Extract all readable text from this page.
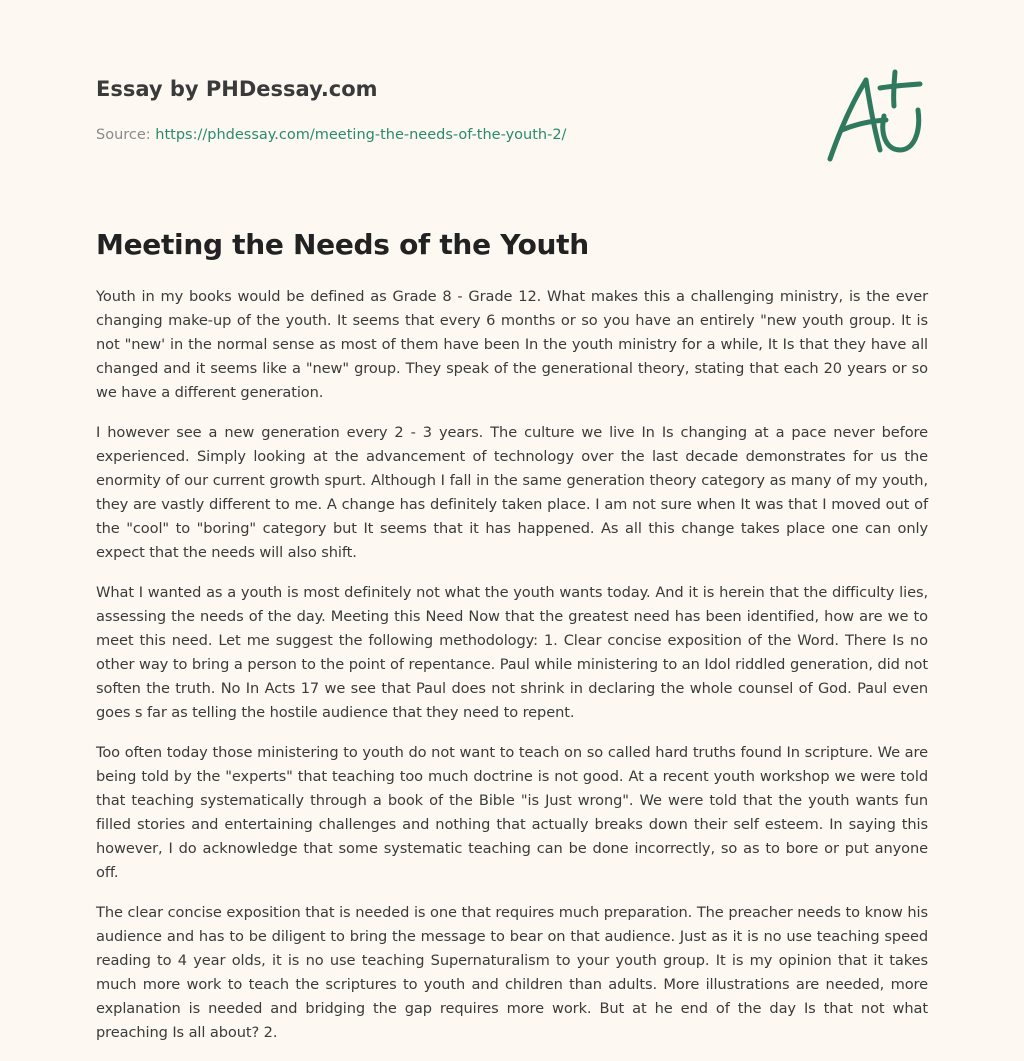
Essay by PHDessay.com
Source: https://phdessay.com/meeting-the-needs-of-the-youth-2/
Meeting the Needs of the Youth

Youth in my books would be defined as Grade 8 - Grade 12. What makes this a challenging ministry, is the ever changing make-up of the youth. It seems that every 6 months or so you have an entirely "new youth group. It is not "new' in the normal sense as most of them have been In the youth ministry for a while, It Is that they have all changed and it seems like a "new" group. They speak of the generational theory, stating that each 20 years or so we have a different generation.

I however see a new generation every 2 - 3 years. The culture we live In Is changing at a pace never before experienced. Simply looking at the advancement of technology over the last decade demonstrates for us the enormity of our current growth spurt. Although I fall in the same generation theory category as many of my youth, they are vastly different to me. A change has definitely taken place. I am not sure when It was that I moved out of the "cool" to "boring" category but It seems that it has happened. As all this change takes place one can only expect that the needs will also shift.

What I wanted as a youth is most definitely not what the youth wants today. And it is herein that the difficulty lies, assessing the needs of the day. Meeting this Need Now that the greatest need has been identified, how are we to meet this need. Let me suggest the following methodology: 1. Clear concise exposition of the Word. There Is no other way to bring a person to the point of repentance. Paul while ministering to an Idol riddled generation, did not soften the truth. No In Acts 17 we see that Paul does not shrink in declaring the whole counsel of God. Paul even goes s far as telling the hostile audience that they need to repent.

Too often today those ministering to youth do not want to teach on so called hard truths found In scripture. We are being told by the "experts" that teaching too much doctrine is not good. At a recent youth workshop we were told that teaching systematically through a book of the Bible "is Just wrong". We were told that the youth wants fun filled stories and entertaining challenges and nothing that actually breaks down their self esteem. In saying this however, I do acknowledge that some systematic teaching can be done incorrectly, so as to bore or put anyone off.

The clear concise exposition that is needed is one that requires much preparation. The preacher needs to know his audience and has to be diligent to bring the message to bear on that audience. Just as it is no use teaching speed reading to 4 year olds, it is no use teaching Supernaturalism to your youth group. It is my opinion that it takes much more work to teach the scriptures to youth and children than adults. More illustrations are needed, more explanation is needed and bridging the gap requires more work. But at he end of the day Is that not what preaching Is all about? 2.
